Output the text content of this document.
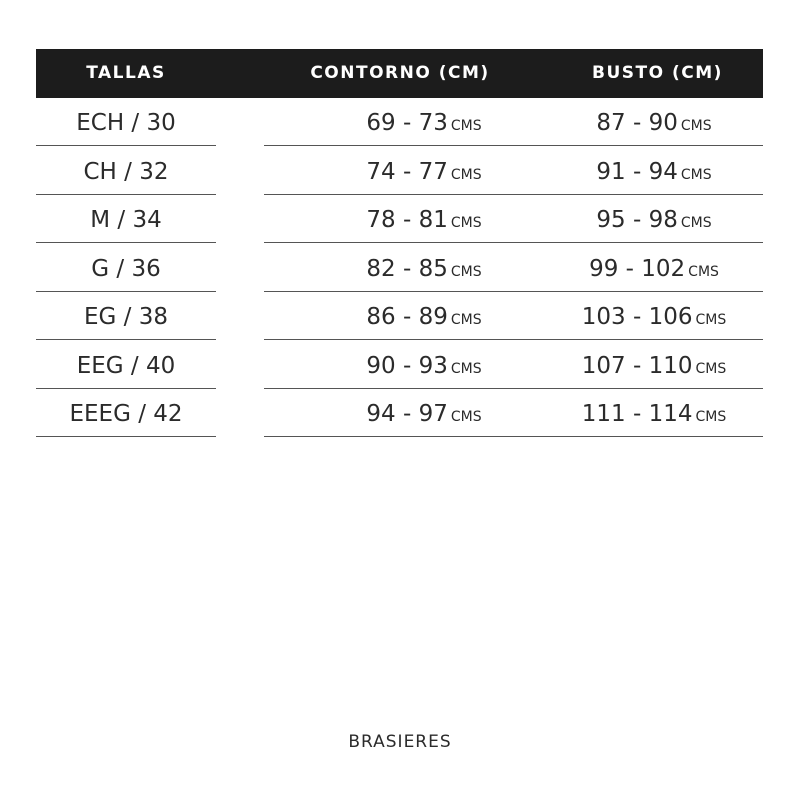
TALLAS	CONTORNO (CM)	BUSTO (CM)
ECH / 30	69 - 73 CMS	87 - 90 CMS
CH / 32	74 - 77 CMS	91 - 94 CMS
M / 34	78 - 81 CMS	95 - 98 CMS
G / 36	82 - 85 CMS	99 - 102 CMS
EG / 38	86 - 89 CMS	103 - 106 CMS
EEG / 40	90 - 93 CMS	107 - 110 CMS
EEEG / 42	94 - 97 CMS	111 - 114 CMS
BRASIERES
